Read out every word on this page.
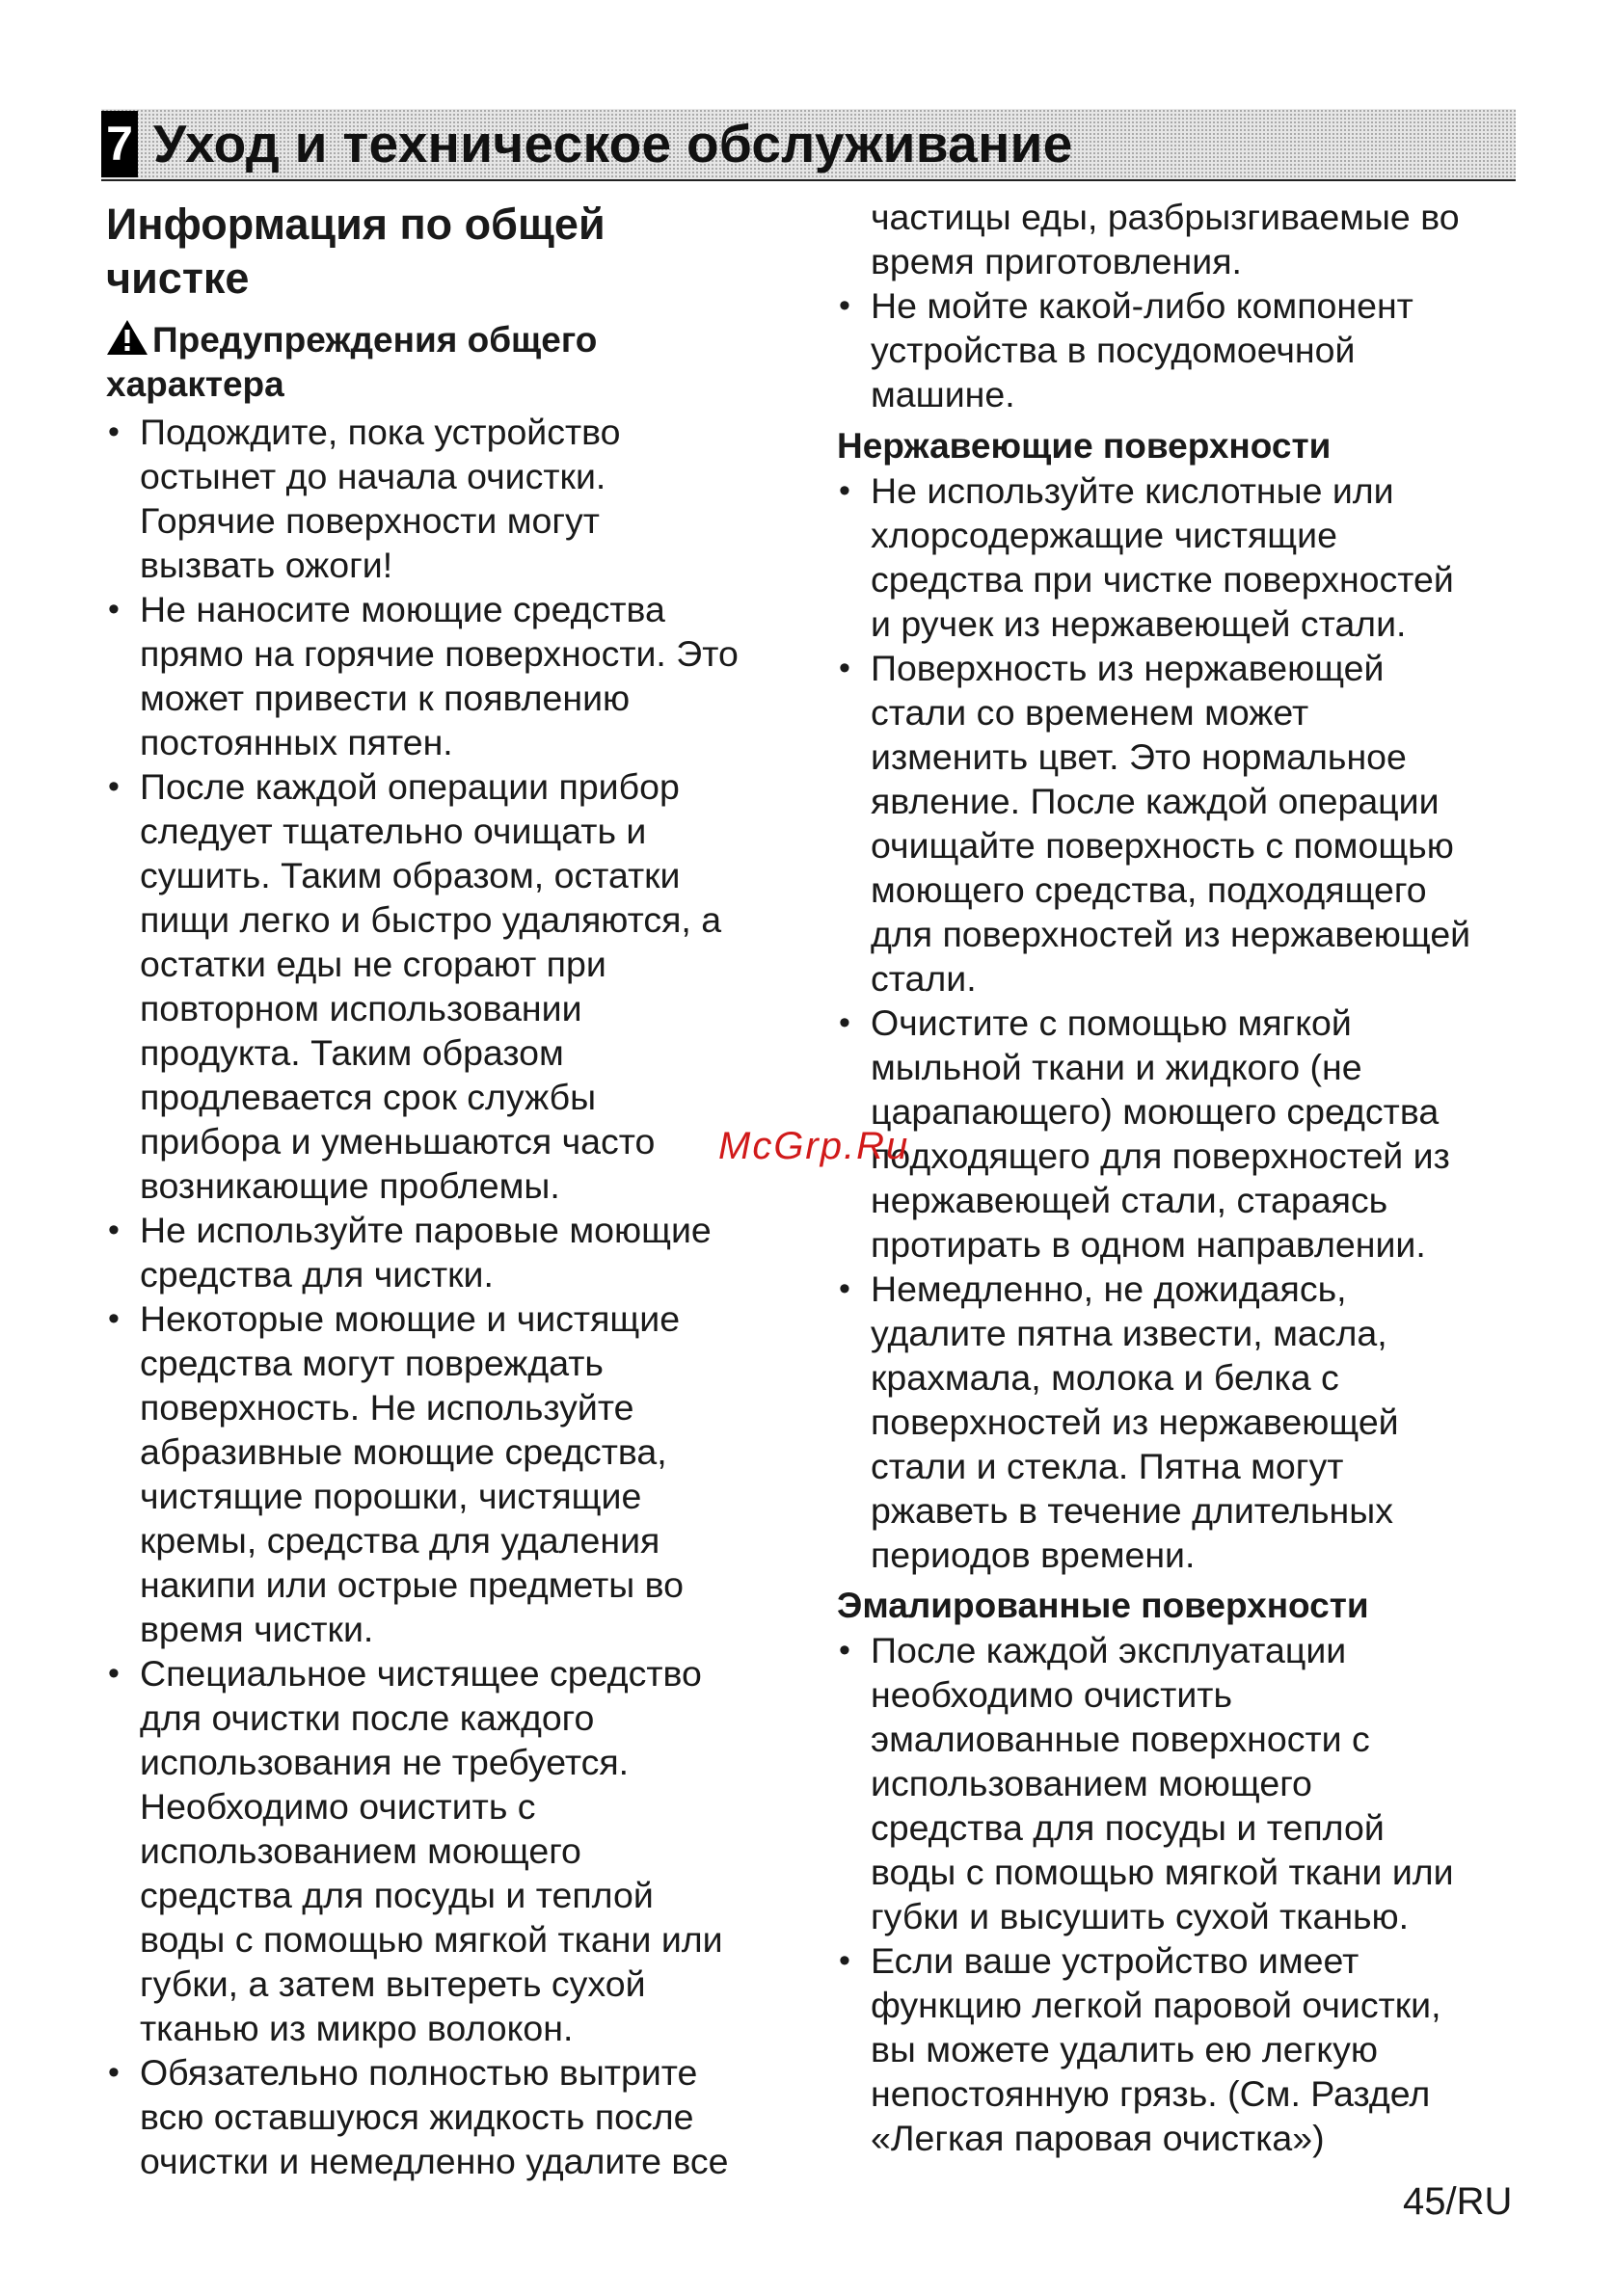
7 Уход и техническое обслуживание
Информация по общей
чистке
Предупреждения общего
характера
• Подождите, пока устройство
остынет до начала очистки.
Горячие поверхности могут
вызвать ожоги!
• Не наносите моющие средства
прямо на горячие поверхности. Это
может привести к появлению
постоянных пятен.
• После каждой операции прибор
следует тщательно очищать и
сушить. Таким образом, остатки
пищи легко и быстро удаляются, а
остатки еды не сгорают при
повторном использовании
продукта. Таким образом
продлевается срок службы
прибора и уменьшаются часто
возникающие проблемы.
• Не используйте паровые моющие
средства для чистки.
• Некоторые моющие и чистящие
средства могут повреждать
поверхность. Не используйте
абразивные моющие средства,
чистящие порошки, чистящие
кремы, средства для удаления
накипи или острые предметы во
время чистки.
• Специальное чистящее средство
для очистки после каждого
использования не требуется.
Необходимо очистить с
использованием моющего
средства для посуды и теплой
воды с помощью мягкой ткани или
губки, а затем вытереть сухой
тканью из микро волокон.
• Обязательно полностью вытрите
всю оставшуюся жидкость после
очистки и немедленно удалите все
частицы еды, разбрызгиваемые во
время приготовления.
• Не мойте какой-либо компонент
устройства в посудомоечной
машине.
Нержавеющие поверхности
• Не используйте кислотные или
хлорсодержащие чистящие
средства при чистке поверхностей
и ручек из нержавеющей стали.
• Поверхность из нержавеющей
стали со временем может
изменить цвет. Это нормальное
явление. После каждой операции
очищайте поверхность с помощью
моющего средства, подходящего
для поверхностей из нержавеющей
стали.
• Очистите с помощью мягкой
мыльной ткани и жидкого (не
царапающего) моющего средства
подходящего для поверхностей из
нержавеющей стали, стараясь
протирать в одном направлении.
• Немедленно, не дожидаясь,
удалите пятна извести, масла,
крахмала, молока и белка с
поверхностей из нержавеющей
стали и стекла. Пятна могут
ржаветь в течение длительных
периодов времени.
Эмалированные поверхности
• После каждой эксплуатации
необходимо очистить
эмалиованные поверхности с
использованием моющего
средства для посуды и теплой
воды с помощью мягкой ткани или
губки и высушить сухой тканью.
• Если ваше устройство имеет
функцию легкой паровой очистки,
вы можете удалить ею легкую
непостоянную грязь. (См. Раздел
«Легкая паровая очистка»)
McGrp.Ru
45/RU
